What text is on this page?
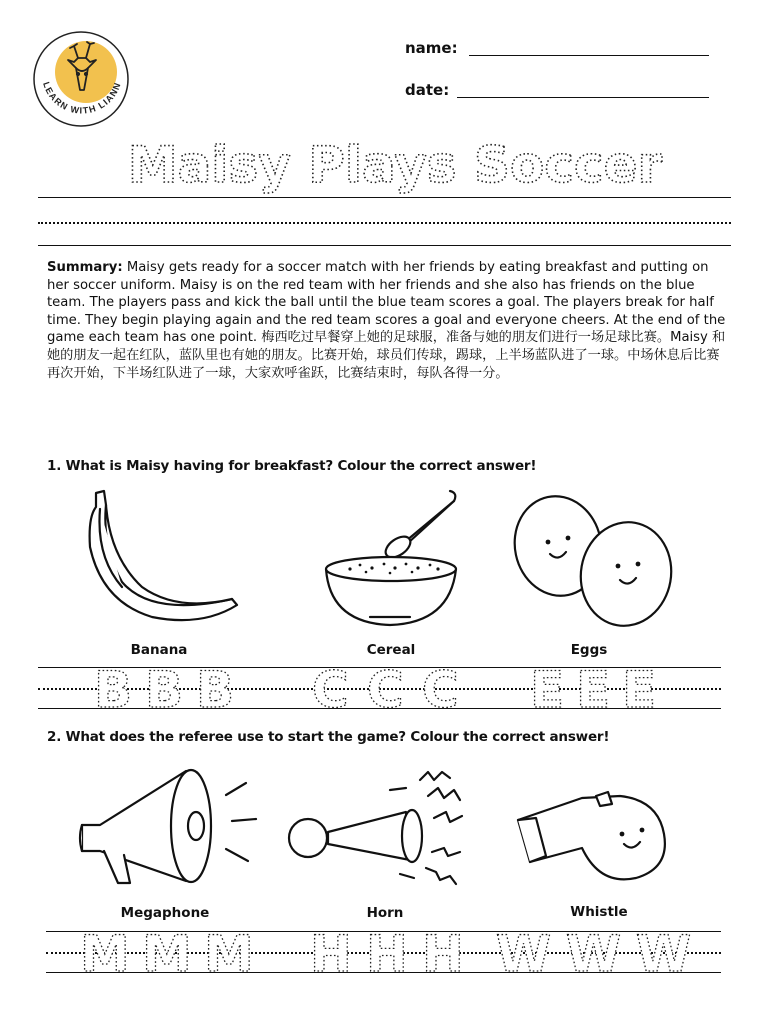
LEARN WITH LIANN
name:
date:
Maisy Plays Soccer
Summary: Maisy gets ready for a soccer match with her friends by eating breakfast and putting on her soccer uniform. Maisy is on the red team with her friends and she also has friends on the blue team. The players pass and kick the ball until the blue team scores a goal. The players break for half time. They begin playing again and the red team scores a goal and everyone cheers. At the end of the game each team has one point. 梅西吃过早餐穿上她的足球服，准备与她的朋友们进行一场足球比赛。Maisy 和她的朋友一起在红队，蓝队里也有她的朋友。比赛开始，球员们传球，踢球，上半场蓝队进了一球。中场休息后比赛再次开始，下半场红队进了一球，大家欢呼雀跃，比赛结束时，每队各得一分。
1. What is Maisy having for breakfast? Colour the correct answer!
Banana	Cereal	Eggs
B B B C C C E E E
2. What does the referee use to start the game? Colour the correct answer!
Megaphone	Horn	Whistle
M M M H H H W W W
